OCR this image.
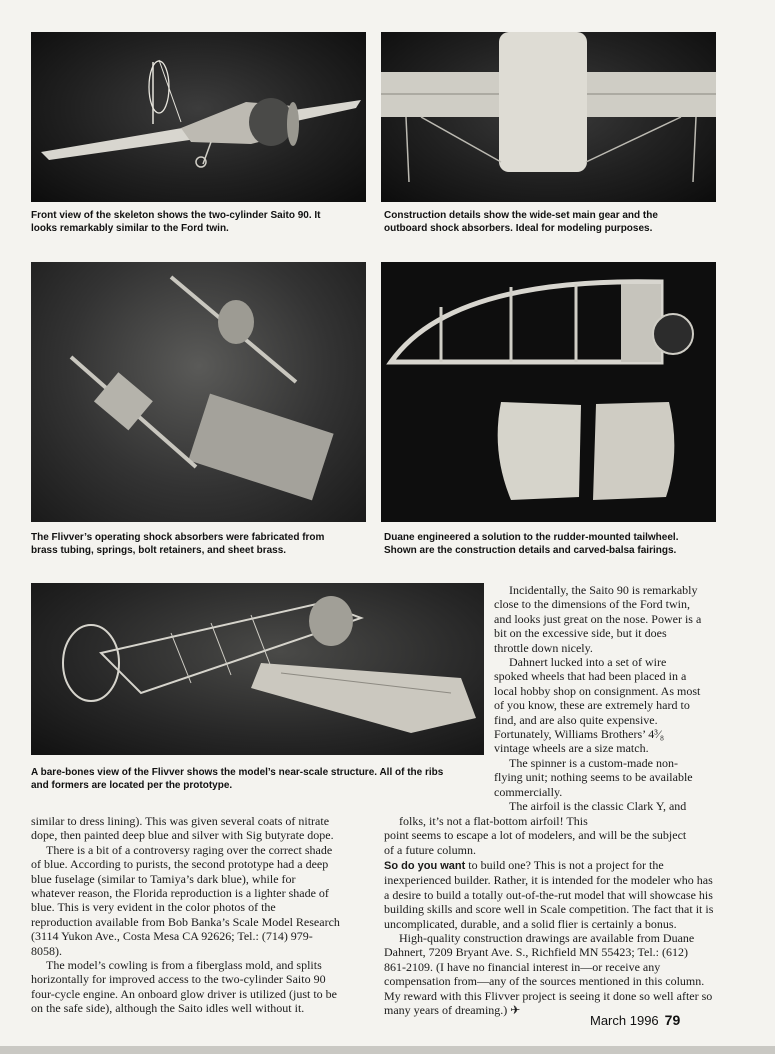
Front view of the skeleton shows the two-cylinder Saito 90. It
looks remarkably similar to the Ford twin.
Construction details show the wide-set main gear and the
outboard shock absorbers. Ideal for modeling purposes.
The Flivver’s operating shock absorbers were fabricated from
brass tubing, springs, bolt retainers, and sheet brass.
Duane engineered a solution to the rudder-mounted tailwheel.
Shown are the construction details and carved-balsa fairings.
A bare-bones view of the Flivver shows the model’s near-scale structure. All of the ribs
and formers are located per the prototype.
Incidentally, the Saito 90 is remarkably
close to the dimensions of the Ford twin,
and looks just great on the nose. Power is a
bit on the excessive side, but it does
throttle down nicely.
Dahnert lucked into a set of wire
spoked wheels that had been placed in a
local hobby shop on consignment. As most
of you know, these are extremely hard to
find, and are also quite expensive.
Fortunately, Williams Brothers’ 4³⁄₈
vintage wheels are a size match.
The spinner is a custom-made non-
flying unit; nothing seems to be available
commercially.
The airfoil is the classic Clark Y, and
folks, it’s not a flat-bottom airfoil! This
point seems to escape a lot of modelers, and will be the subject
of a future column.
similar to dress lining). This was given several coats of nitrate
dope, then painted deep blue and silver with Sig butyrate dope.
There is a bit of a controversy raging over the correct shade
of blue. According to purists, the second prototype had a deep
blue fuselage (similar to Tamiya’s dark blue), while for
whatever reason, the Florida reproduction is a lighter shade of
blue. This is very evident in the color photos of the
reproduction available from Bob Banka’s Scale Model Research
(3114 Yukon Ave., Costa Mesa CA 92626; Tel.: (714) 979-
8058).
The model’s cowling is from a fiberglass mold, and splits
horizontally for improved access to the two-cylinder Saito 90
four-cycle engine. An onboard glow driver is utilized (just to be
on the safe side), although the Saito idles well without it.
So do you want to build one? This is not a project for the
inexperienced builder. Rather, it is intended for the modeler who has
a desire to build a totally out-of-the-rut model that will showcase his
building skills and score well in Scale competition. The fact that it is
uncomplicated, durable, and a solid flier is certainly a bonus.
High-quality construction drawings are available from Duane
Dahnert, 7209 Bryant Ave. S., Richfield MN 55423; Tel.: (612)
861-2109. (I have no financial interest in—or receive any
compensation from—any of the sources mentioned in this column.
My reward with this Flivver project is seeing it done so well after so
many years of dreaming.) ✈
March 1996 79
